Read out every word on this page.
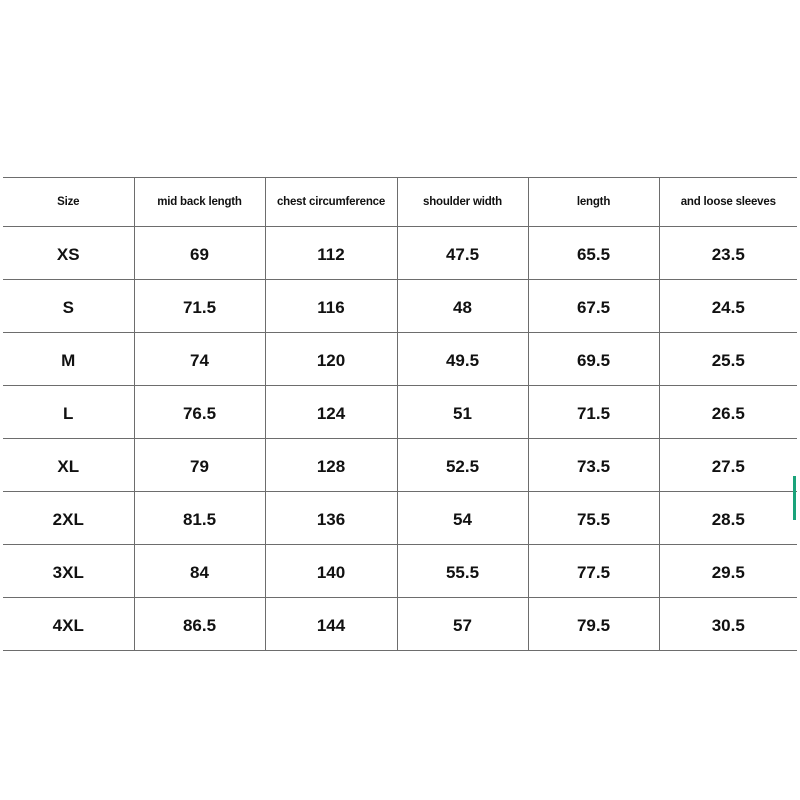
Size	mid back length	chest circumference	shoulder width	length	and loose sleeves
XS	69	112	47.5	65.5	23.5
S	71.5	116	48	67.5	24.5
M	74	120	49.5	69.5	25.5
L	76.5	124	51	71.5	26.5
XL	79	128	52.5	73.5	27.5
2XL	81.5	136	54	75.5	28.5
3XL	84	140	55.5	77.5	29.5
4XL	86.5	144	57	79.5	30.5
